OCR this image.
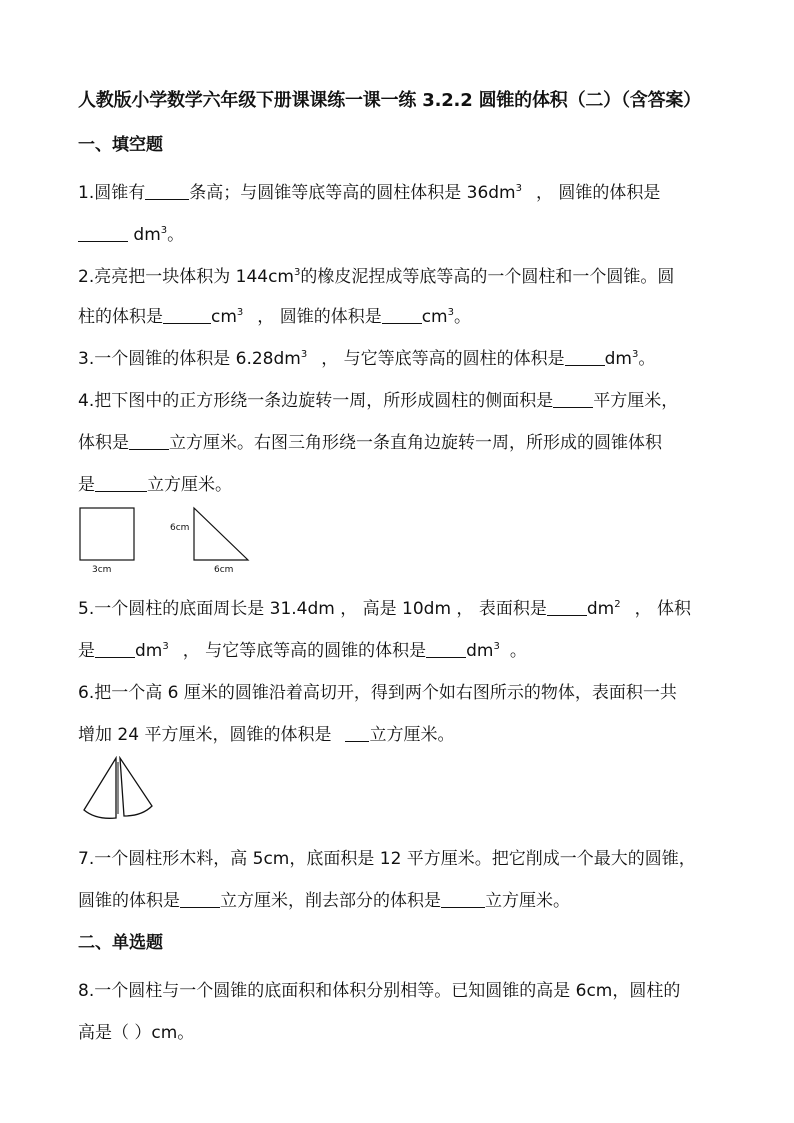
人教版小学数学六年级下册课课练一课一练 3.2.2 圆锥的体积（二）（含答案）
一、填空题
1.圆锥有	条高；与圆锥等底等高的圆柱体积是 $36dm^3$ ， 圆锥的体积是
$dm^3$。
2.亮亮把一块体积为 $144cm^3$的橡皮泥捏成等底等高的一个圆柱和一个圆锥。圆
柱的体积是	$cm^3$ ， 圆锥的体积是 $cm^3$。
3.一个圆锥的体积是 $6.28dm^3$ ， 与它等底等高的圆柱的体积是 $dm^3$。
4.把下图中的正方形绕一条边旋转一周，所形成圆柱的侧面积是 平方厘米，
体积是 立方厘米。右图三角形绕一条直角边旋转一周，所形成的圆锥体积
是	立方厘米。
3cm
6cm
6cm
5.一个圆柱的底面周长是 31.4dm ， 高是 10dm ， 表面积是 $dm^2$ ， 体积
是 $dm^3$ ， 与它等底等高的圆锥的体积是 $dm^3$ 。
6.把一个高 6 厘米的圆锥沿着高切开，得到两个如右图所示的物体，表面积一共
增加 24 平方厘米，圆锥的体积是 立方厘米。
7.一个圆柱形木料，高 5cm，底面积是 12 平方厘米。把它削成一个最大的圆锥，
圆锥的体积是 立方厘米，削去部分的体积是	立方厘米。
二、单选题
8.一个圆柱与一个圆锥的底面积和体积分别相等。已知圆锥的高是 6cm，圆柱的
高是（ ）cm。
